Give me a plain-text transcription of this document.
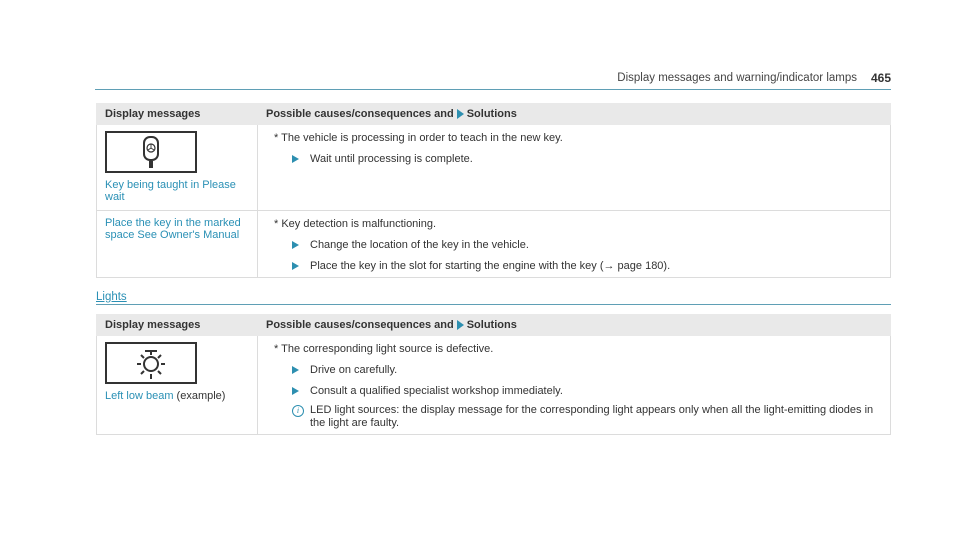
Display messages and warning/indicator lamps 465
Display messages	Possible causes/consequences and Solutions

Key being taught in Please wait	* The vehicle is processing in order to teach in the new key.
Wait until processing is complete.

Place the key in the marked space See Owner's Manual	* Key detection is malfunctioning.
Change the location of the key in the vehicle.
Place the key in the slot for starting the engine with the key (→ page 180).
Lights
Display messages	Possible causes/consequences and Solutions

Left low beam (example)	* The corresponding light source is defective.
Drive on carefully.
Consult a qualified specialist workshop immediately.
i LED light sources: the display message for the corresponding light appears only when all the light-emitting diodes in the light are faulty.
